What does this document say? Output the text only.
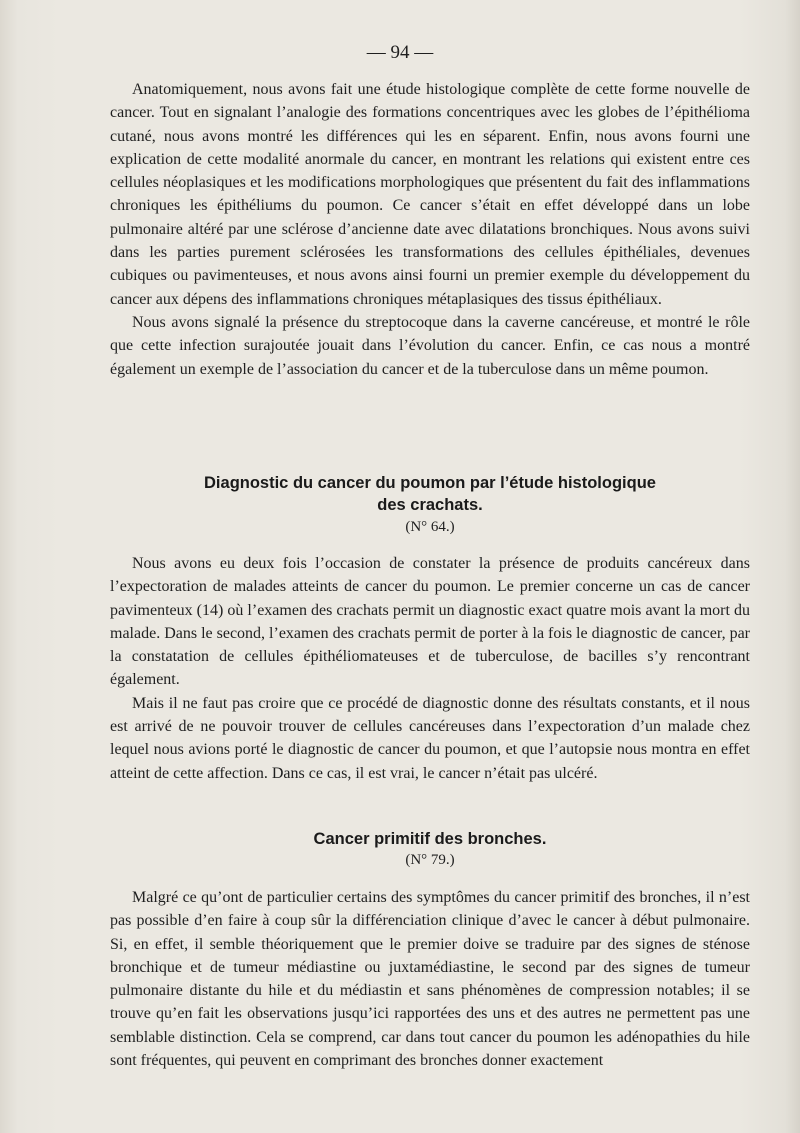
— 94 —

Anatomiquement, nous avons fait une étude histologique complète de cette forme nouvelle de cancer. Tout en signalant l’analogie des formations concentriques avec les globes de l’épithélioma cutané, nous avons montré les différences qui les en séparent. Enfin, nous avons fourni une explication de cette modalité anormale du cancer, en montrant les relations qui existent entre ces cellules néoplasiques et les modifications morphologiques que présentent du fait des inflammations chroniques les épithéliums du poumon. Ce cancer s’était en effet développé dans un lobe pulmonaire altéré par une sclérose d’ancienne date avec dilatations bronchiques. Nous avons suivi dans les parties purement sclérosées les transformations des cellules épithéliales, devenues cubiques ou pavimenteuses, et nous avons ainsi fourni un premier exemple du développement du cancer aux dépens des inflammations chroniques métaplasiques des tissus épithéliaux.

Nous avons signalé la présence du streptocoque dans la caverne cancéreuse, et montré le rôle que cette infection surajoutée jouait dans l’évolution du cancer. Enfin, ce cas nous a montré également un exemple de l’association du cancer et de la tuberculose dans un même poumon.

Diagnostic du cancer du poumon par l’étude histologique
des crachats.
(N° 64.)

Nous avons eu deux fois l’occasion de constater la présence de produits cancéreux dans l’expectoration de malades atteints de cancer du poumon. Le premier concerne un cas de cancer pavimenteux (14) où l’examen des crachats permit un diagnostic exact quatre mois avant la mort du malade. Dans le second, l’examen des crachats permit de porter à la fois le diagnostic de cancer, par la constatation de cellules épithéliomateuses et de tuberculose, de bacilles s’y rencontrant également.

Mais il ne faut pas croire que ce procédé de diagnostic donne des résultats constants, et il nous est arrivé de ne pouvoir trouver de cellules cancéreuses dans l’expectoration d’un malade chez lequel nous avions porté le diagnostic de cancer du poumon, et que l’autopsie nous montra en effet atteint de cette affection. Dans ce cas, il est vrai, le cancer n’était pas ulcéré.

Cancer primitif des bronches.
(N° 79.)

Malgré ce qu’ont de particulier certains des symptômes du cancer primitif des bronches, il n’est pas possible d’en faire à coup sûr la différenciation clinique d’avec le cancer à début pulmonaire. Si, en effet, il semble théoriquement que le premier doive se traduire par des signes de sténose bronchique et de tumeur médiastine ou juxtamédiastine, le second par des signes de tumeur pulmonaire distante du hile et du médiastin et sans phénomènes de compression notables; il se trouve qu’en fait les observations jusqu’ici rapportées des uns et des autres ne permettent pas une semblable distinction. Cela se comprend, car dans tout cancer du poumon les adénopathies du hile sont fréquentes, qui peuvent en comprimant des bronches donner exactement
